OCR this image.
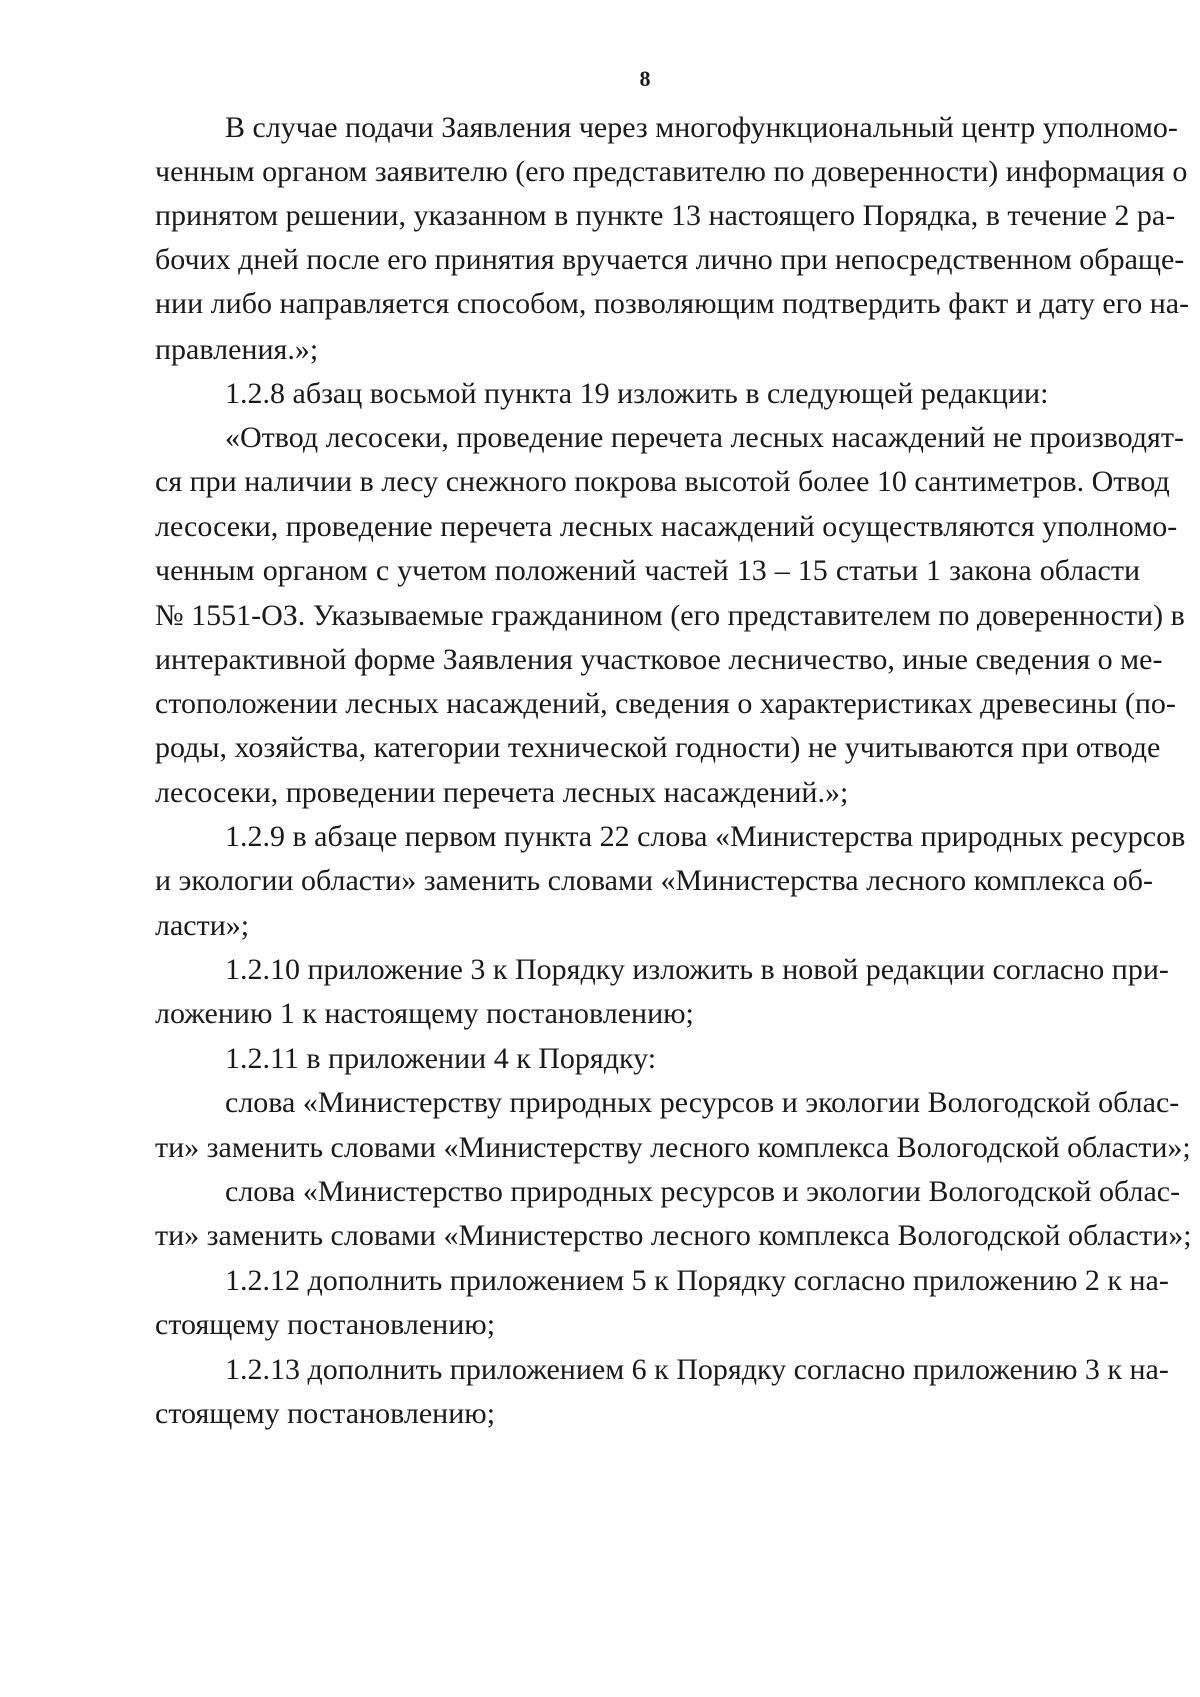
8
В случае подачи Заявления через многофункциональный центр уполномо-
ченным органом заявителю (его представителю по доверенности) информация о
принятом решении, указанном в пункте 13 настоящего Порядка, в течение 2 ра-
бочих дней после его принятия вручается лично при непосредственном обраще-
нии либо направляется способом, позволяющим подтвердить факт и дату его на-
правления.»;
1.2.8 абзац восьмой пункта 19 изложить в следующей редакции:
«Отвод лесосеки, проведение перечета лесных насаждений не производят-
ся при наличии в лесу снежного покрова высотой более 10 сантиметров. Отвод
лесосеки, проведение перечета лесных насаждений осуществляются уполномо-
ченным органом с учетом положений частей 13 – 15 статьи 1 закона области
№ 1551-ОЗ. Указываемые гражданином (его представителем по доверенности) в
интерактивной форме Заявления участковое лесничество, иные сведения о ме-
стоположении лесных насаждений, сведения о характеристиках древесины (по-
роды, хозяйства, категории технической годности) не учитываются при отводе
лесосеки, проведении перечета лесных насаждений.»;
1.2.9 в абзаце первом пункта 22 слова «Министерства природных ресурсов
и экологии области» заменить словами «Министерства лесного комплекса об-
ласти»;
1.2.10 приложение 3 к Порядку изложить в новой редакции согласно при-
ложению 1 к настоящему постановлению;
1.2.11 в приложении 4 к Порядку:
слова «Министерству природных ресурсов и экологии Вологодской облас-
ти» заменить словами «Министерству лесного комплекса Вологодской области»;
слова «Министерство природных ресурсов и экологии Вологодской облас-
ти» заменить словами «Министерство лесного комплекса Вологодской области»;
1.2.12 дополнить приложением 5 к Порядку согласно приложению 2 к на-
стоящему постановлению;
1.2.13 дополнить приложением 6 к Порядку согласно приложению 3 к на-
стоящему постановлению;
